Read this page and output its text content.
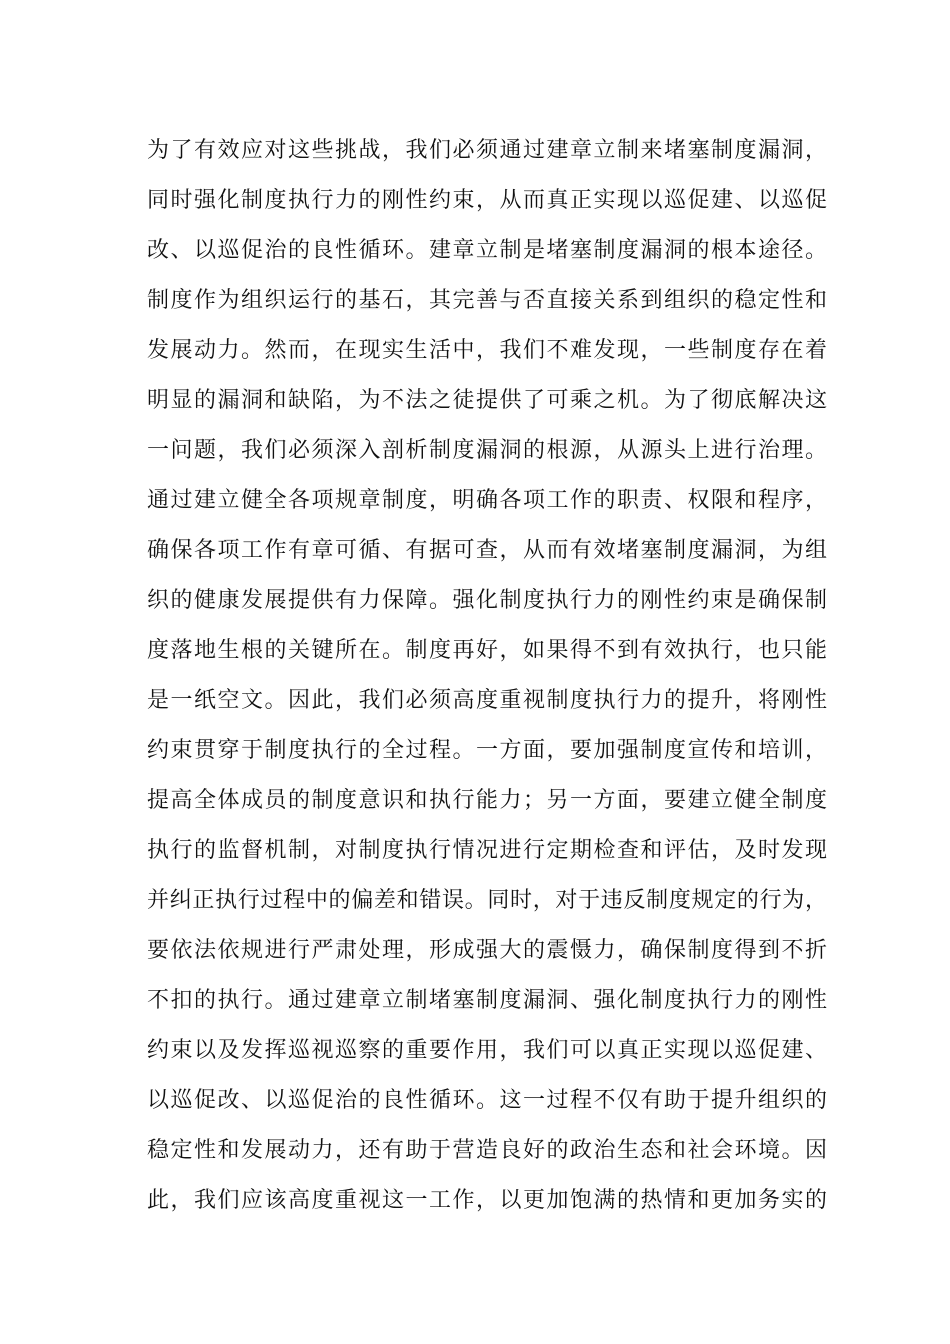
为了有效应对这些挑战，我们必须通过建章立制来堵塞制度漏洞，

同时强化制度执行力的刚性约束，从而真正实现以巡促建、以巡促

改、以巡促治的良性循环。建章立制是堵塞制度漏洞的根本途径。

制度作为组织运行的基石，其完善与否直接关系到组织的稳定性和

发展动力。然而，在现实生活中，我们不难发现，一些制度存在着

明显的漏洞和缺陷，为不法之徒提供了可乘之机。为了彻底解决这

一问题，我们必须深入剖析制度漏洞的根源，从源头上进行治理。

通过建立健全各项规章制度，明确各项工作的职责、权限和程序，

确保各项工作有章可循、有据可查，从而有效堵塞制度漏洞，为组

织的健康发展提供有力保障。强化制度执行力的刚性约束是确保制

度落地生根的关键所在。制度再好，如果得不到有效执行，也只能

是一纸空文。因此，我们必须高度重视制度执行力的提升，将刚性

约束贯穿于制度执行的全过程。一方面，要加强制度宣传和培训，

提高全体成员的制度意识和执行能力；另一方面，要建立健全制度

执行的监督机制，对制度执行情况进行定期检查和评估，及时发现

并纠正执行过程中的偏差和错误。同时，对于违反制度规定的行为，

要依法依规进行严肃处理，形成强大的震慑力，确保制度得到不折

不扣的执行。通过建章立制堵塞制度漏洞、强化制度执行力的刚性

约束以及发挥巡视巡察的重要作用，我们可以真正实现以巡促建、

以巡促改、以巡促治的良性循环。这一过程不仅有助于提升组织的

稳定性和发展动力，还有助于营造良好的政治生态和社会环境。因

此，我们应该高度重视这一工作，以更加饱满的热情和更加务实的
